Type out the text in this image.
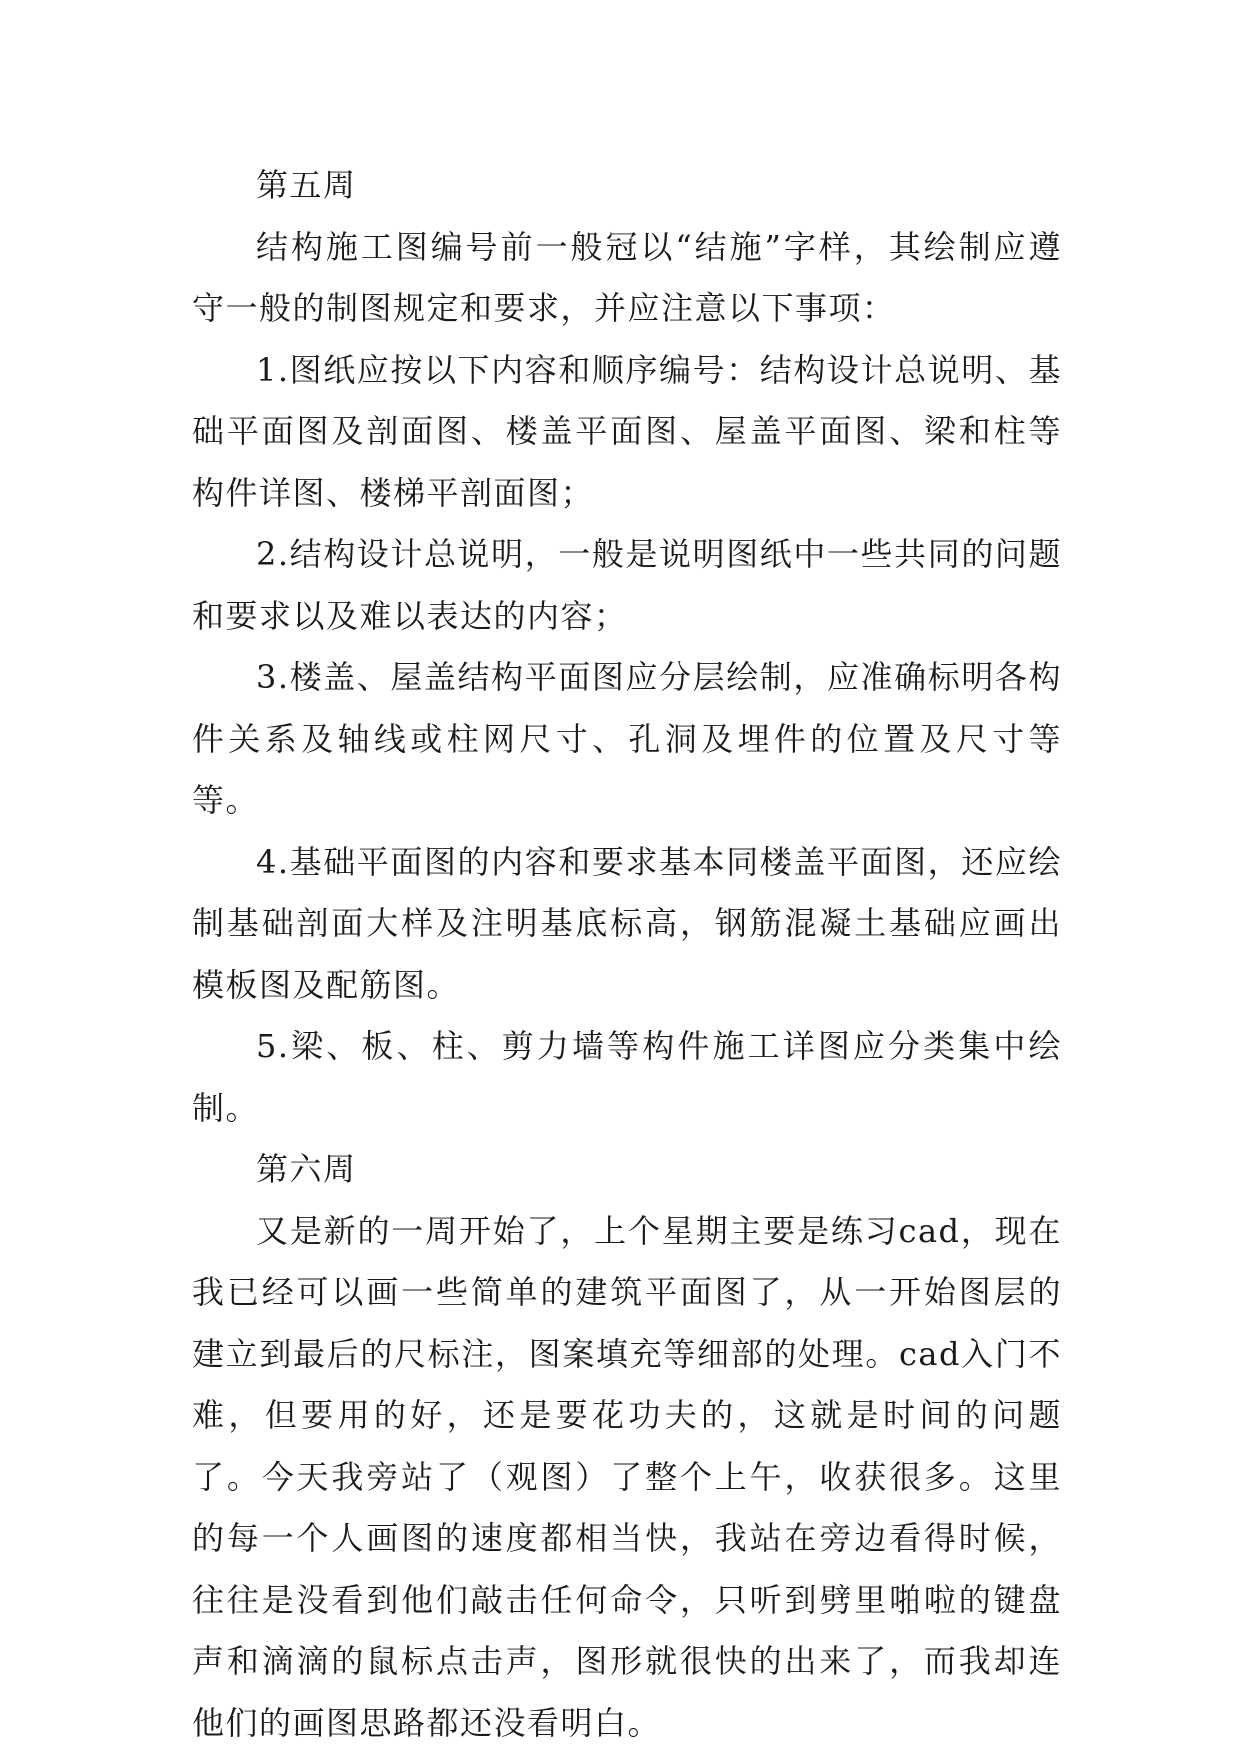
第五周

结构施工图编号前一般冠以“结施”字样，其绘制应遵守一般的制图规定和要求，并应注意以下事项：

1.图纸应按以下内容和顺序编号：结构设计总说明、基础平面图及剖面图、楼盖平面图、屋盖平面图、梁和柱等构件详图、楼梯平剖面图；

2.结构设计总说明，一般是说明图纸中一些共同的问题和要求以及难以表达的内容；

3.楼盖、屋盖结构平面图应分层绘制，应准确标明各构件关系及轴线或柱网尺寸、孔洞及埋件的位置及尺寸等等。

4.基础平面图的内容和要求基本同楼盖平面图，还应绘制基础剖面大样及注明基底标高，钢筋混凝土基础应画出模板图及配筋图。

5.梁、板、柱、剪力墙等构件施工详图应分类集中绘制。

第六周

又是新的一周开始了，上个星期主要是练习cad，现在我已经可以画一些简单的建筑平面图了，从一开始图层的建立到最后的尺标注，图案填充等细部的处理。cad入门不难，但要用的好，还是要花功夫的，这就是时间的问题了。今天我旁站了（观图）了整个上午，收获很多。这里的每一个人画图的速度都相当快，我站在旁边看得时候，往往是没看到他们敲击任何命令，只听到劈里啪啦的键盘声和滴滴的鼠标点击声，图形就很快的出来了，而我却连他们的画图思路都还没看明白。
